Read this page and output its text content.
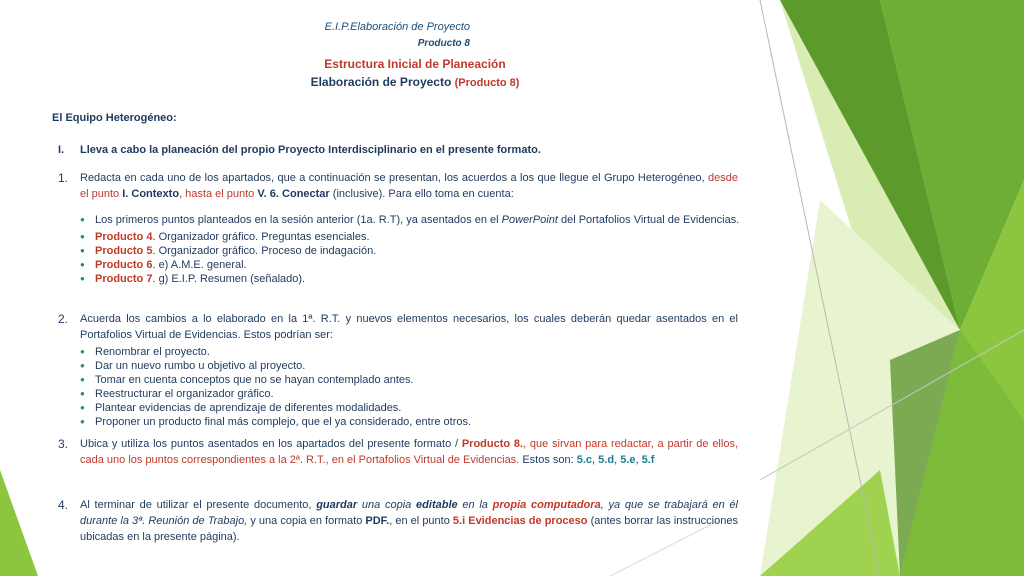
E.I.P.Elaboración de Proyecto
Producto 8
Estructura Inicial de Planeación
Elaboración de Proyecto (Producto 8)
El Equipo Heterogéneo:
I. Lleva a cabo la planeación del propio Proyecto Interdisciplinario en el presente formato.
1. Redacta en cada uno de los apartados, que a continuación se presentan, los acuerdos a los que llegue el Grupo Heterogéneo, desde el punto I. Contexto, hasta el punto V. 6. Conectar (inclusive). Para ello toma en cuenta:
● Los primeros puntos planteados en la sesión anterior (1a. R.T), ya asentados en el PowerPoint del Portafolios Virtual de Evidencias.
● Producto 4. Organizador gráfico. Preguntas esenciales.
● Producto 5. Organizador gráfico. Proceso de indagación.
● Producto 6. e) A.M.E. general.
● Producto 7. g) E.I.P. Resumen (señalado).
2. Acuerda los cambios a lo elaborado en la 1ª. R.T. y nuevos elementos necesarios, los cuales deberán quedar asentados en el Portafolios Virtual de Evidencias. Estos podrían ser:
● Renombrar el proyecto.
● Dar un nuevo rumbo u objetivo al proyecto.
● Tomar en cuenta conceptos que no se hayan contemplado antes.
● Reestructurar el organizador gráfico.
● Plantear evidencias de aprendizaje de diferentes modalidades.
● Proponer un producto final más complejo, que el ya considerado, entre otros.
3. Ubica y utiliza los puntos asentados en los apartados del presente formato / Producto 8., que sirvan para redactar, a partir de ellos, cada uno los puntos correspondientes a la 2ª. R.T., en el Portafolios Virtual de Evidencias. Estos son: 5.c, 5.d, 5.e, 5.f
4. Al terminar de utilizar el presente documento, guardar una copia editable en la propia computadora, ya que se trabajará en él durante la 3ª. Reunión de Trabajo, y una copia en formato PDF., en el punto 5.i Evidencias de proceso (antes borrar las instrucciones ubicadas en la presente página).
